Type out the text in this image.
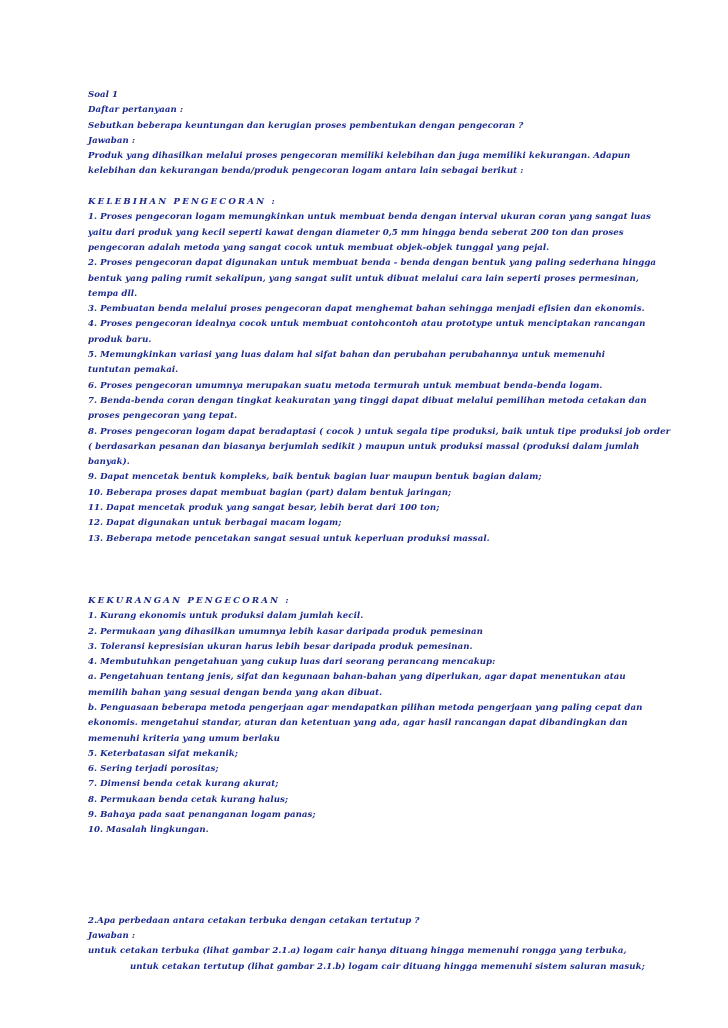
Soal 1
Daftar pertanyaan :
Sebutkan beberapa keuntungan dan kerugian proses pembentukan dengan pengecoran ?
Jawaban :
Produk yang dihasilkan melalui proses pengecoran memiliki kelebihan dan juga memiliki kekurangan. Adapun
kelebihan dan kekurangan benda/produk pengecoran logam antara lain sebagai berikut :
KELEBIHAN PENGECORAN :
1. Proses pengecoran logam memungkinkan untuk membuat benda dengan interval ukuran coran yang sangat luas
yaitu dari produk yang kecil seperti kawat dengan diameter 0,5 mm hingga benda seberat 200 ton dan proses
pengecoran adalah metoda yang sangat cocok untuk membuat objek-objek tunggal yang pejal.
2. Proses pengecoran dapat digunakan untuk membuat benda - benda dengan bentuk yang paling sederhana hingga
bentuk yang paling rumit sekalipun, yang sangat sulit untuk dibuat melalui cara lain seperti proses permesinan,
tempa dll.
3. Pembuatan benda melalui proses pengecoran dapat menghemat bahan sehingga menjadi efisien dan ekonomis.
4. Proses pengecoran idealnya cocok untuk membuat contohcontoh atau prototype untuk menciptakan rancangan
produk baru.
5. Memungkinkan variasi yang luas dalam hal sifat bahan dan perubahan perubahannya untuk memenuhi
tuntutan pemakai.
6. Proses pengecoran umumnya merupakan suatu metoda termurah untuk membuat benda-benda logam.
7. Benda-benda coran dengan tingkat keakuratan yang tinggi dapat dibuat melalui pemilihan metoda cetakan dan
proses pengecoran yang tepat.
8. Proses pengecoran logam dapat beradaptasi ( cocok ) untuk segala tipe produksi, baik untuk tipe produksi job order
( berdasarkan pesanan dan biasanya berjumlah sedikit ) maupun untuk produksi massal (produksi dalam jumlah
banyak).
9. Dapat mencetak bentuk kompleks, baik bentuk bagian luar maupun bentuk bagian dalam;
10. Beberapa proses dapat membuat bagian (part) dalam bentuk jaringan;
11. Dapat mencetak produk yang sangat besar, lebih berat dari 100 ton;
12. Dapat digunakan untuk berbagai macam logam;
13. Beberapa metode pencetakan sangat sesuai untuk keperluan produksi massal.
KEKURANGAN PENGECORAN :
1. Kurang ekonomis untuk produksi dalam jumlah kecil.
2. Permukaan yang dihasilkan umumnya lebih kasar daripada produk pemesinan
3. Toleransi kepresisian ukuran harus lebih besar daripada produk pemesinan.
4. Membutuhkan pengetahuan yang cukup luas dari seorang perancang mencakup:
a. Pengetahuan tentang jenis, sifat dan kegunaan bahan-bahan yang diperlukan, agar dapat menentukan atau
memilih bahan yang sesuai dengan benda yang akan dibuat.
b. Penguasaan beberapa metoda pengerjaan agar mendapatkan pilihan metoda pengerjaan yang paling cepat dan
ekonomis. mengetahui standar, aturan dan ketentuan yang ada, agar hasil rancangan dapat dibandingkan dan
memenuhi kriteria yang umum berlaku
5. Keterbatasan sifat mekanik;
6. Sering terjadi porositas;
7. Dimensi benda cetak kurang akurat;
8. Permukaan benda cetak kurang halus;
9. Bahaya pada saat penanganan logam panas;
10. Masalah lingkungan.
2.Apa perbedaan antara cetakan terbuka dengan cetakan tertutup ?
Jawaban :
untuk cetakan terbuka (lihat gambar 2.1.a) logam cair hanya dituang hingga memenuhi rongga yang terbuka,
untuk cetakan tertutup (lihat gambar 2.1.b) logam cair dituang hingga memenuhi sistem saluran masuk;
